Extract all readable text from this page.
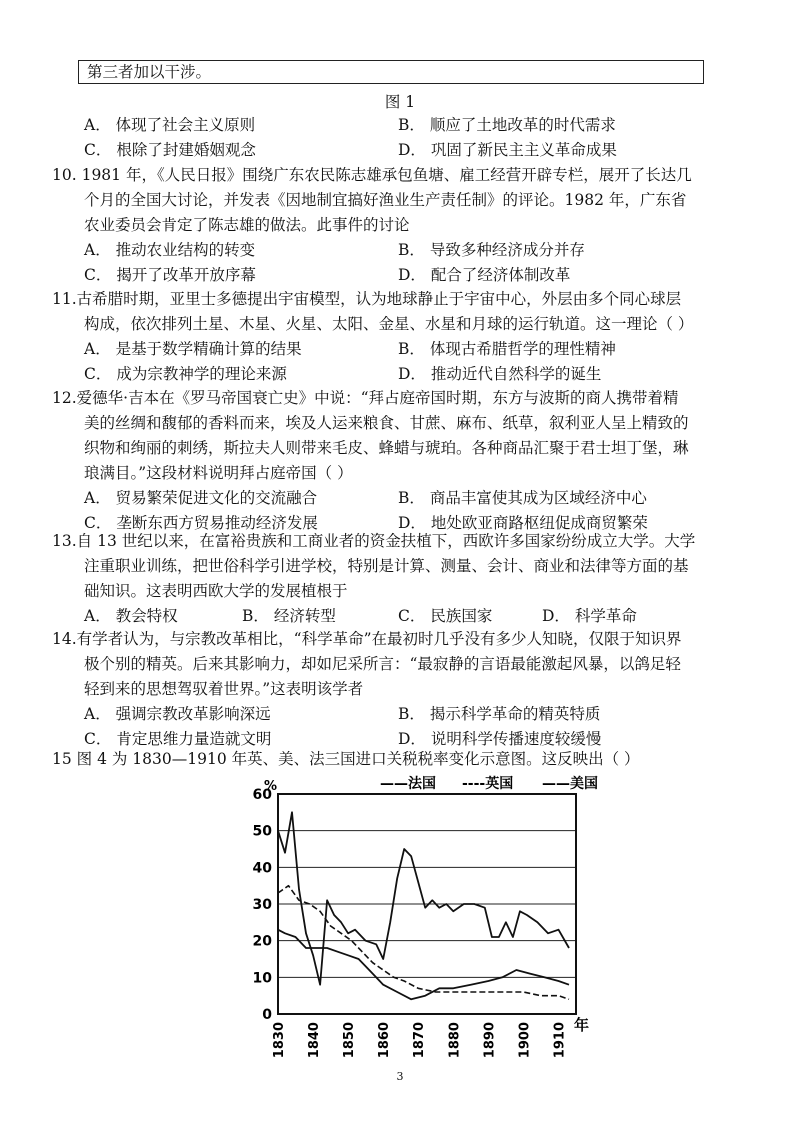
第三者加以干涉。
图 1
A． 体现了社会主义原则	B． 顺应了土地改革的时代需求
C． 根除了封建婚姻观念	D． 巩固了新民主主义革命成果
10. 1981 年，《人民日报》围绕广东农民陈志雄承包鱼塘、雇工经营开辟专栏，展开了长达几
个月的全国大讨论，并发表《因地制宜搞好渔业生产责任制》的评论。1982 年，广东省
农业委员会肯定了陈志雄的做法。此事件的讨论
A． 推动农业结构的转变	B． 导致多种经济成分并存
C． 揭开了改革开放序幕	D． 配合了经济体制改革
11.古希腊时期，亚里士多德提出宇宙模型，认为地球静止于宇宙中心，外层由多个同心球层
构成，依次排列土星、木星、火星、太阳、金星、水星和月球的运行轨道。这一理论（ ）
A． 是基于数学精确计算的结果	B． 体现古希腊哲学的理性精神
C． 成为宗教神学的理论来源	D． 推动近代自然科学的诞生
12.爱德华·吉本在《罗马帝国衰亡史》中说：“拜占庭帝国时期，东方与波斯的商人携带着精
美的丝绸和馥郁的香料而来，埃及人运来粮食、甘蔗、麻布、纸草，叙利亚人呈上精致的
织物和绚丽的刺绣，斯拉夫人则带来毛皮、蜂蜡与琥珀。各种商品汇聚于君士坦丁堡，琳
琅满目。”这段材料说明拜占庭帝国（ ）
A． 贸易繁荣促进文化的交流融合	B． 商品丰富使其成为区域经济中心
C． 垄断东西方贸易推动经济发展	D． 地处欧亚商路枢纽促成商贸繁荣
13.自 13 世纪以来，在富裕贵族和工商业者的资金扶植下，西欧许多国家纷纷成立大学。大学
注重职业训练，把世俗科学引进学校，特别是计算、测量、会计、商业和法律等方面的基
础知识。这表明西欧大学的发展植根于
A． 教会特权	B． 经济转型	C． 民族国家	D． 科学革命
14.有学者认为，与宗教改革相比，“科学革命”在最初时几乎没有多少人知晓，仅限于知识界
极个别的精英。后来其影响力，却如尼采所言：“最寂静的言语最能激起风暴，以鸽足轻
轻到来的思想驾驭着世界。”这表明该学者
A． 强调宗教改革影响深远	B． 揭示科学革命的精英特质
C． 肯定思维力量造就文明	D． 说明科学传播速度较缓慢
15 图 4 为 1830—1910 年英、美、法三国进口关税税率变化示意图。这反映出（ ）
0
10
20
30
40
50
60
1830 1840 1850 1860 1870 1880 1890 1900 1910
%
年
——法国 ----英国 ——美国
3
